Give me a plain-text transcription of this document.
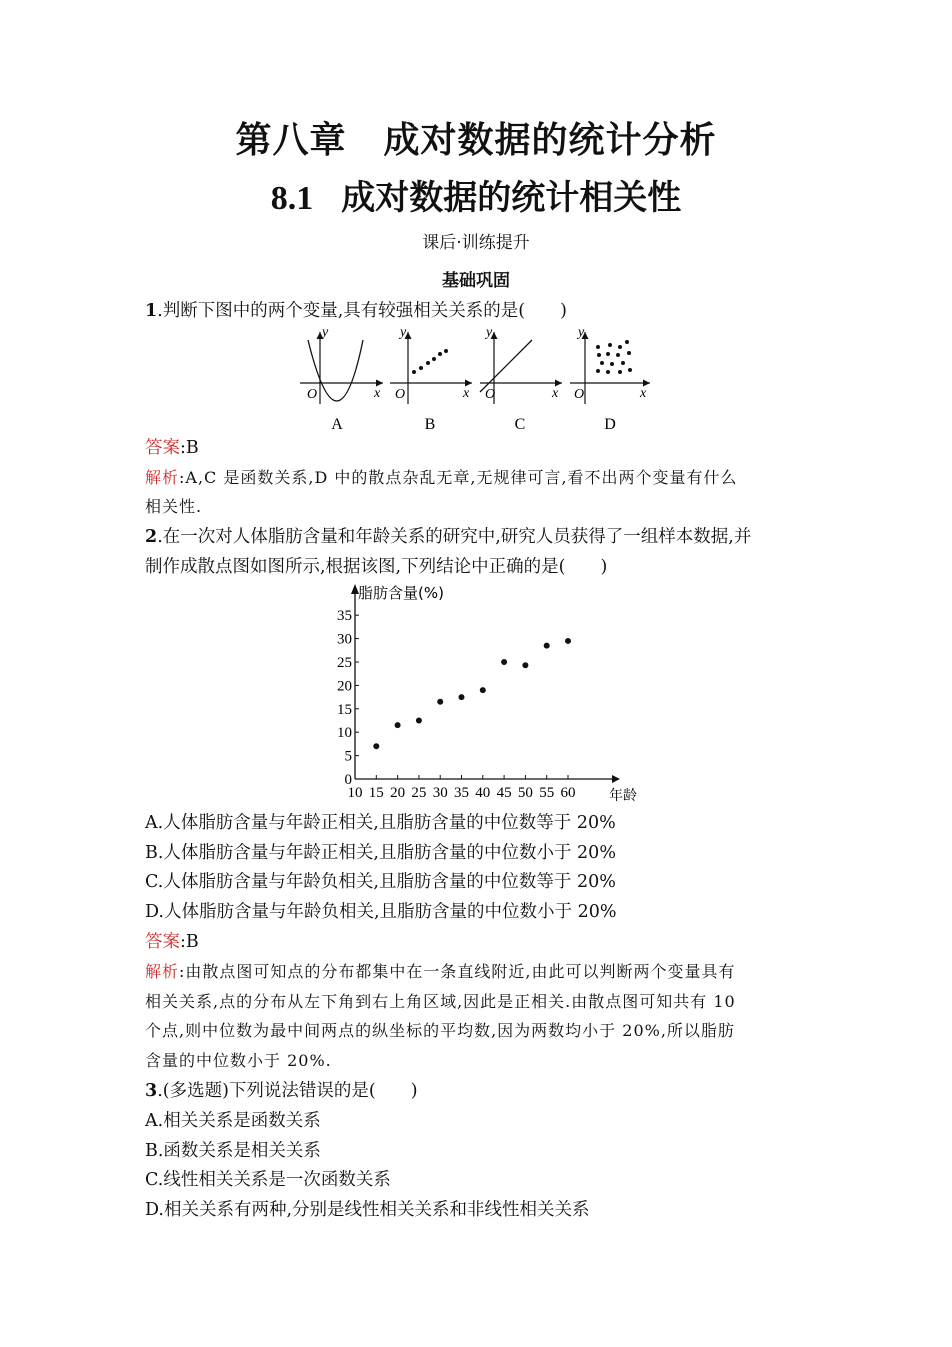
第八章　成对数据的统计分析
8.1 成对数据的统计相关性
课后·训练提升
基础巩固
1.判断下图中的两个变量,具有较强相关关系的是(　　)
y
x
O
A
y
x
O
B
y
x
O
C
y
x
O
D
答案:B
解析:A,C 是函数关系,D 中的散点杂乱无章,无规律可言,看不出两个变量有什么
相关性.
2.在一次对人体脂肪含量和年龄关系的研究中,研究人员获得了一组样本数据,并
制作成散点图如图所示,根据该图,下列结论中正确的是(　　)
10 15 20 25 30 35 40 45 50 55 60
0
5
10
15
20
25
30
35
脂肪含量(%)
年龄
A.人体脂肪含量与年龄正相关,且脂肪含量的中位数等于 20%
B.人体脂肪含量与年龄正相关,且脂肪含量的中位数小于 20%
C.人体脂肪含量与年龄负相关,且脂肪含量的中位数等于 20%
D.人体脂肪含量与年龄负相关,且脂肪含量的中位数小于 20%
答案:B
解析:由散点图可知点的分布都集中在一条直线附近,由此可以判断两个变量具有
相关关系,点的分布从左下角到右上角区域,因此是正相关.由散点图可知共有 10
个点,则中位数为最中间两点的纵坐标的平均数,因为两数均小于 20%,所以脂肪
含量的中位数小于 20%.
3.(多选题)下列说法错误的是(　　)
A.相关关系是函数关系
B.函数关系是相关关系
C.线性相关关系是一次函数关系
D.相关关系有两种,分别是线性相关关系和非线性相关关系
